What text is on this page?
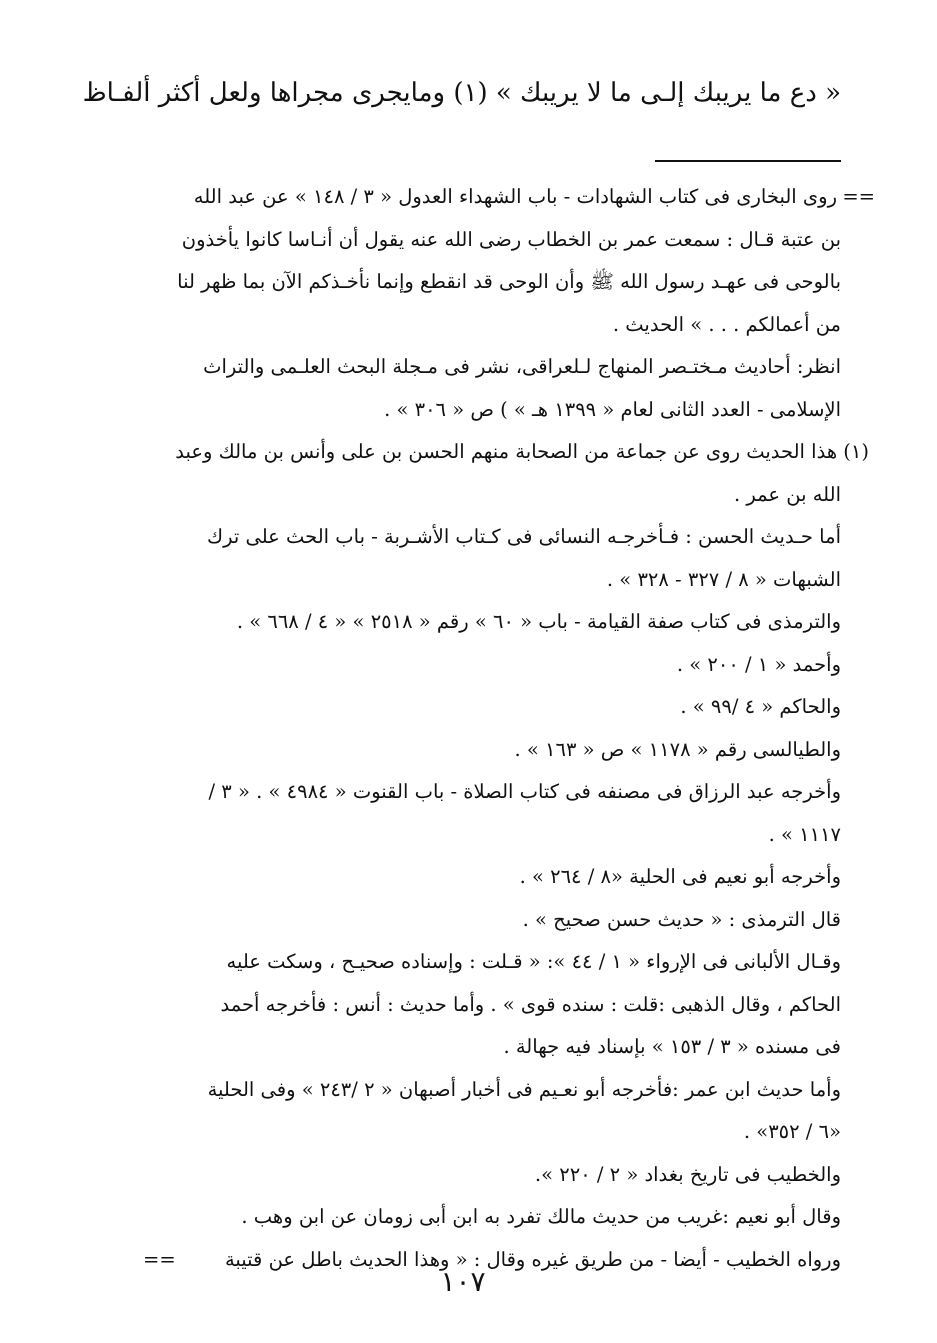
« دع ما يريبك إلـى ما لا يريبك » (١) ومايجرى مجراها ولعل أكثر ألفـاظ
روى البخارى فى كتاب الشهادات - باب الشهداء العدول « ٣ / ١٤٨ » عن عبد الله ==
بن عتبة قـال : سمعت عمر بن الخطاب رضى الله عنه يقول أن أنـاسا كانوا يأخذون
بالوحى فى عهـد رسول الله ﷺ وأن الوحى قد انقطع وإنما نأخـذكم الآن بما ظهر لنا
من أعمالكم . . . » الحديث .
انظر: أحاديث مـختـصر المنهاج لـلعراقى، نشر فى مـجلة البحث العلـمى والتراث
الإسلامى - العدد الثانى لعام « ١٣٩٩ هـ » ) ص « ٣٠٦ » .
(١) هذا الحديث روى عن جماعة من الصحابة منهم الحسن بن على وأنس بن مالك وعبد
الله بن عمر .
أما حـديث الحسن : فـأخرجـه النسائى فى كـتاب الأشـربة - باب الحث على ترك
الشبهات « ٨ / ٣٢٧ - ٣٢٨ » .
والترمذى فى كتاب صفة القيامة - باب « ٦٠ » رقم « ٢٥١٨ » « ٤ / ٦٦٨ » .
وأحمد « ١ / ٢٠٠ » .
والحاكم « ٤ /٩٩ » .
والطيالسى رقم « ١١٧٨ » ص « ١٦٣ » .
وأخرجه عبد الرزاق فى مصنفه فى كتاب الصلاة - باب القنوت « ٤٩٨٤ » . « ٣ /
١١١٧ » .
وأخرجه أبو نعيم فى الحلية «٨ / ٢٦٤ » .
قال الترمذى : « حديث حسن صحيح » .
وقـال الألبانى فى الإرواء « ١ / ٤٤ »: « قـلت : وإسناده صحيـح ، وسكت عليه
الحاكم ، وقال الذهبى :قلت : سنده قوى » . وأما حديث : أنس : فأخرجه أحمد
فى مسنده « ٣ / ١٥٣ » بإسناد فيه جهالة .
وأما حديث ابن عمر :فأخرجه أبو نعـيم فى أخبار أصبهان « ٢ /٢٤٣ » وفى الحلية
«٦ / ٣٥٢» .
والخطيب فى تاريخ بغداد « ٢ / ٢٢٠ ».
وقال أبو نعيم :غريب من حديث مالك تفرد به ابن أبى زومان عن ابن وهب .
ورواه الخطيب - أيضا - من طريق غيره وقال : « وهذا الحديث باطل عن قتيبة
==
١٠٧
